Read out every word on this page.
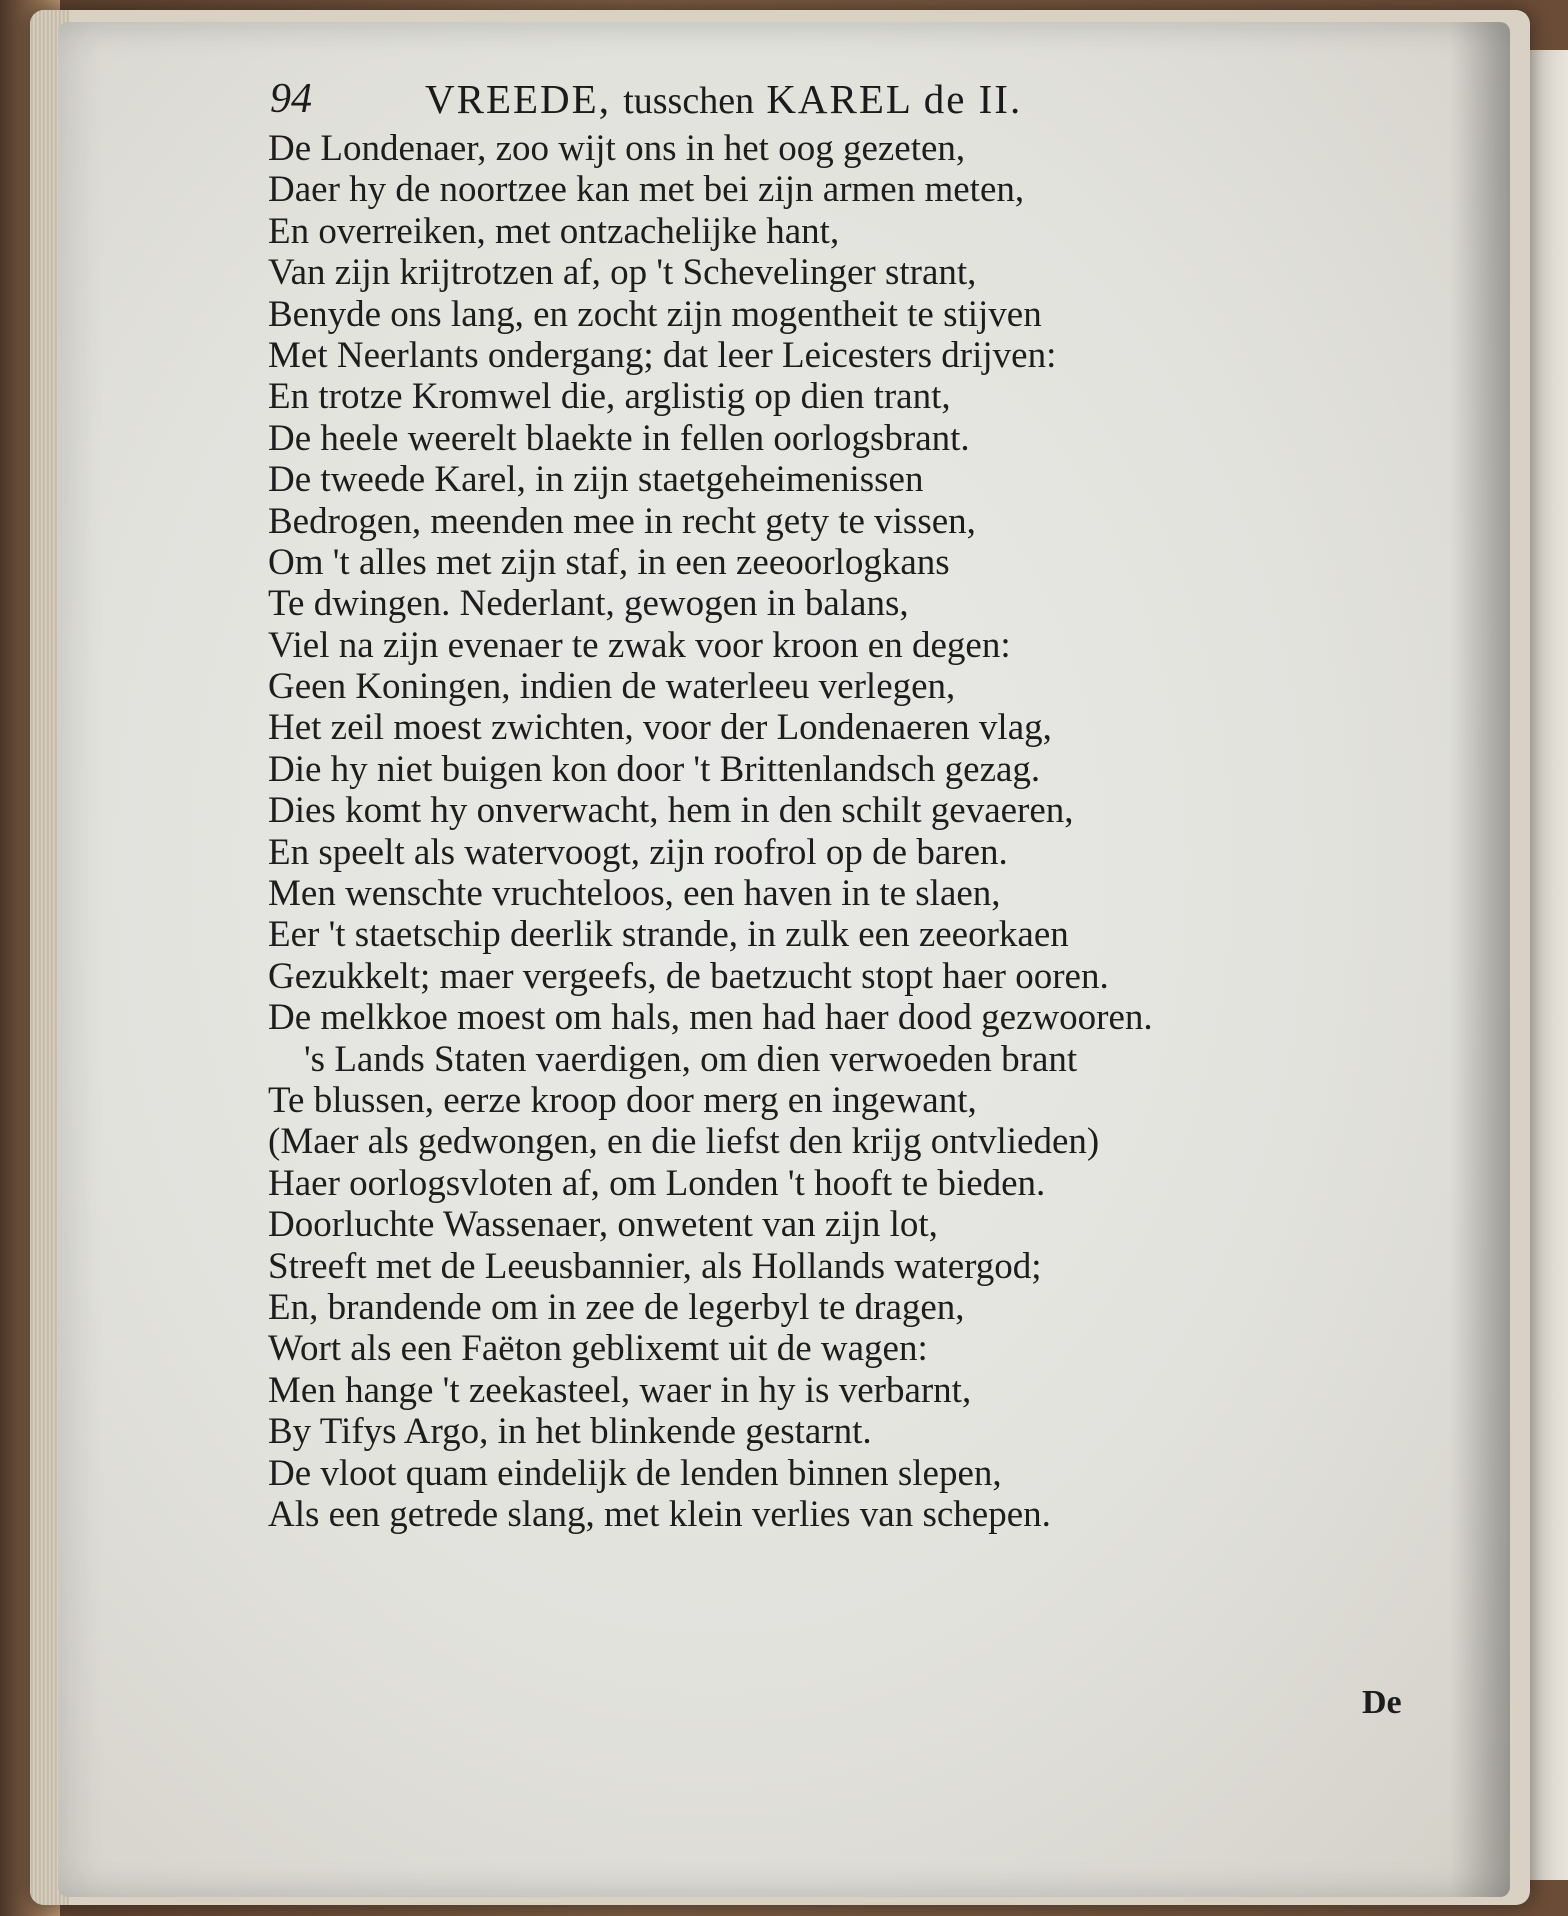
94	VREEDE, tusschen KAREL de II.
De Londenaer, zoo wijt ons in het oog gezeten,
Daer hy de noortzee kan met bei zijn armen meten,
En overreiken, met ontzachelijke hant,
Van zijn krijtrotzen af, op 't Schevelinger strant,
Benyde ons lang, en zocht zijn mogentheit te stijven
Met Neerlants ondergang; dat leer Leicesters drijven:
En trotze Kromwel die, arglistig op dien trant,
De heele weerelt blaekte in fellen oorlogsbrant.
De tweede Karel, in zijn staetgeheimenissen
Bedrogen, meenden mee in recht gety te vissen,
Om 't alles met zijn staf, in een zeeoorlogkans
Te dwingen. Nederlant, gewogen in balans,
Viel na zijn evenaer te zwak voor kroon en degen:
Geen Koningen, indien de waterleeu verlegen,
Het zeil moest zwichten, voor der Londenaeren vlag,
Die hy niet buigen kon door 't Brittenlandsch gezag.
Dies komt hy onverwacht, hem in den schilt gevaeren,
En speelt als watervoogt, zijn roofrol op de baren.
Men wenschte vruchteloos, een haven in te slaen,
Eer 't staetschip deerlik strande, in zulk een zeeorkaen
Gezukkelt; maer vergeefs, de baetzucht stopt haer ooren.
De melkkoe moest om hals, men had haer dood gezwooren.
's Lands Staten vaerdigen, om dien verwoeden brant
Te blussen, eerze kroop door merg en ingewant,
(Maer als gedwongen, en die liefst den krijg ontvlieden)
Haer oorlogsvloten af, om Londen 't hooft te bieden.
Doorluchte Wassenaer, onwetent van zijn lot,
Streeft met de Leeusbannier, als Hollands watergod;
En, brandende om in zee de legerbyl te dragen,
Wort als een Faëton geblixemt uit de wagen:
Men hange 't zeekasteel, waer in hy is verbarnt,
By Tifys Argo, in het blinkende gestarnt.
De vloot quam eindelijk de lenden binnen slepen,
Als een getrede slang, met klein verlies van schepen.
De
